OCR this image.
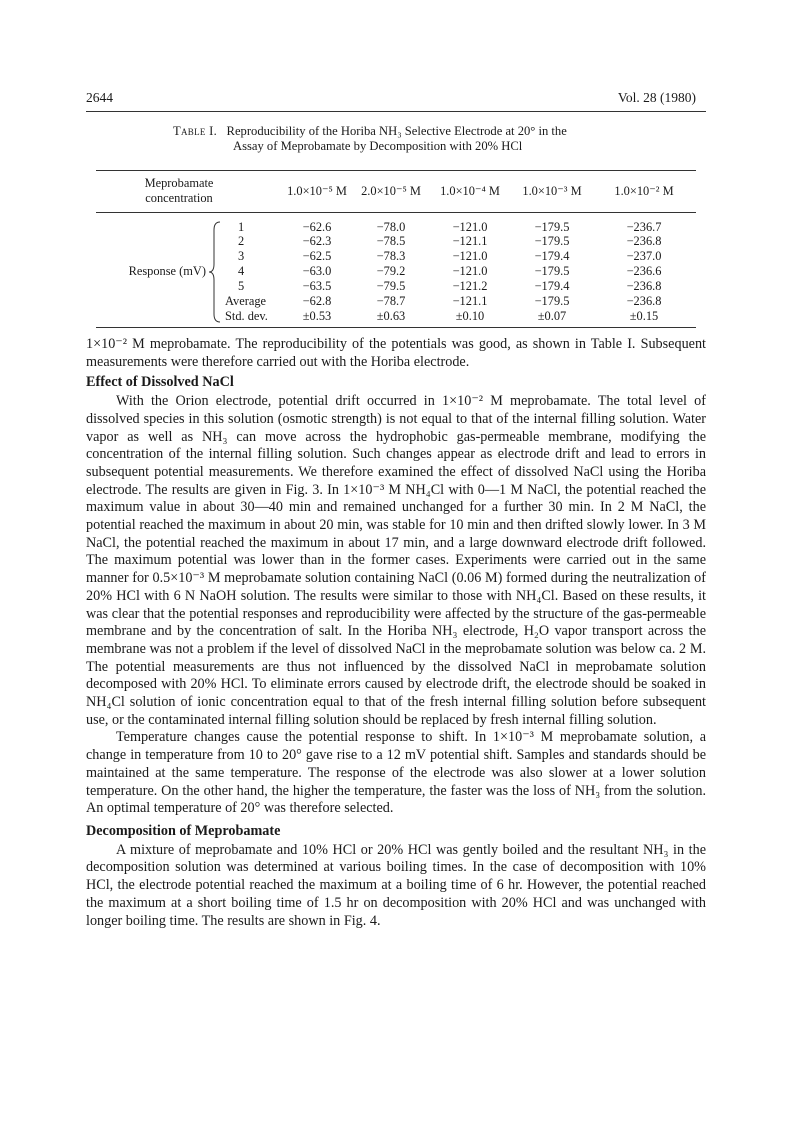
2644	Vol. 28 (1980)
Table I. Reproducibility of the Horiba NH₃ Selective Electrode at 20° in the
Assay of Meprobamate by Decomposition with 20% HCl

Meprobamate
concentration			1.0×10⁻⁵ M	2.0×10⁻⁵ M	1.0×10⁻⁴ M	1.0×10⁻³ M	1.0×10⁻² M

Response (mV)		1	−62.6	−78.0	−121.0	−179.5	−236.7
		2	−62.3	−78.5	−121.1	−179.5	−236.8
		3	−62.5	−78.3	−121.0	−179.4	−237.0
		4	−63.0	−79.2	−121.0	−179.5	−236.6
		5	−63.5	−79.5	−121.2	−179.4	−236.8
		Average	−62.8	−78.7	−121.1	−179.5	−236.8
		Std. dev.	±0.53	±0.63	±0.10	±0.07	±0.15

1×10⁻² M meprobamate. The reproducibility of the potentials was good, as shown in Table I. Subsequent measurements were therefore carried out with the Horiba electrode.

Effect of Dissolved NaCl

With the Orion electrode, potential drift occurred in 1×10⁻² M meprobamate. The total level of dissolved species in this solution (osmotic strength) is not equal to that of the internal filling solution. Water vapor as well as NH₃ can move across the hydrophobic gas-permeable membrane, modifying the concentration of the internal filling solution. Such changes appear as electrode drift and lead to errors in subsequent potential measurements. We therefore examined the effect of dissolved NaCl using the Horiba electrode. The results are given in Fig. 3. In 1×10⁻³ M NH₄Cl with 0—1 M NaCl, the potential reached the maximum value in about 30—40 min and remained unchanged for a further 30 min. In 2 M NaCl, the potential reached the maximum in about 20 min, was stable for 10 min and then drifted slowly lower. In 3 M NaCl, the potential reached the maximum in about 17 min, and a large downward electrode drift followed. The maximum potential was lower than in the former cases. Experiments were carried out in the same manner for 0.5×10⁻³ M meprobamate solution containing NaCl (0.06 M) formed during the neutralization of 20% HCl with 6 N NaOH solution. The results were similar to those with NH₄Cl. Based on these results, it was clear that the potential responses and reproducibility were affected by the structure of the gas-permeable membrane and by the concentration of salt. In the Horiba NH₃ electrode, H₂O vapor transport across the membrane was not a problem if the level of dissolved NaCl in the meprobamate solution was below ca. 2 M. The potential measurements are thus not influenced by the dissolved NaCl in meprobamate solution decomposed with 20% HCl. To eliminate errors caused by electrode drift, the electrode should be soaked in NH₄Cl solution of ionic concentration equal to that of the fresh internal filling solution before subsequent use, or the contaminated internal filling solution should be replaced by fresh internal filling solution.

Temperature changes cause the potential response to shift. In 1×10⁻³ M meprobamate solution, a change in temperature from 10 to 20° gave rise to a 12 mV potential shift. Samples and standards should be maintained at the same temperature. The response of the electrode was also slower at a lower solution temperature. On the other hand, the higher the temperature, the faster was the loss of NH₃ from the solution. An optimal temperature of 20° was therefore selected.

Decomposition of Meprobamate

A mixture of meprobamate and 10% HCl or 20% HCl was gently boiled and the resultant NH₃ in the decomposition solution was determined at various boiling times. In the case of decomposition with 10% HCl, the electrode potential reached the maximum at a boiling time of 6 hr. However, the potential reached the maximum at a short boiling time of 1.5 hr on decomposition with 20% HCl and was unchanged with longer boiling time. The results are shown in Fig. 4.
